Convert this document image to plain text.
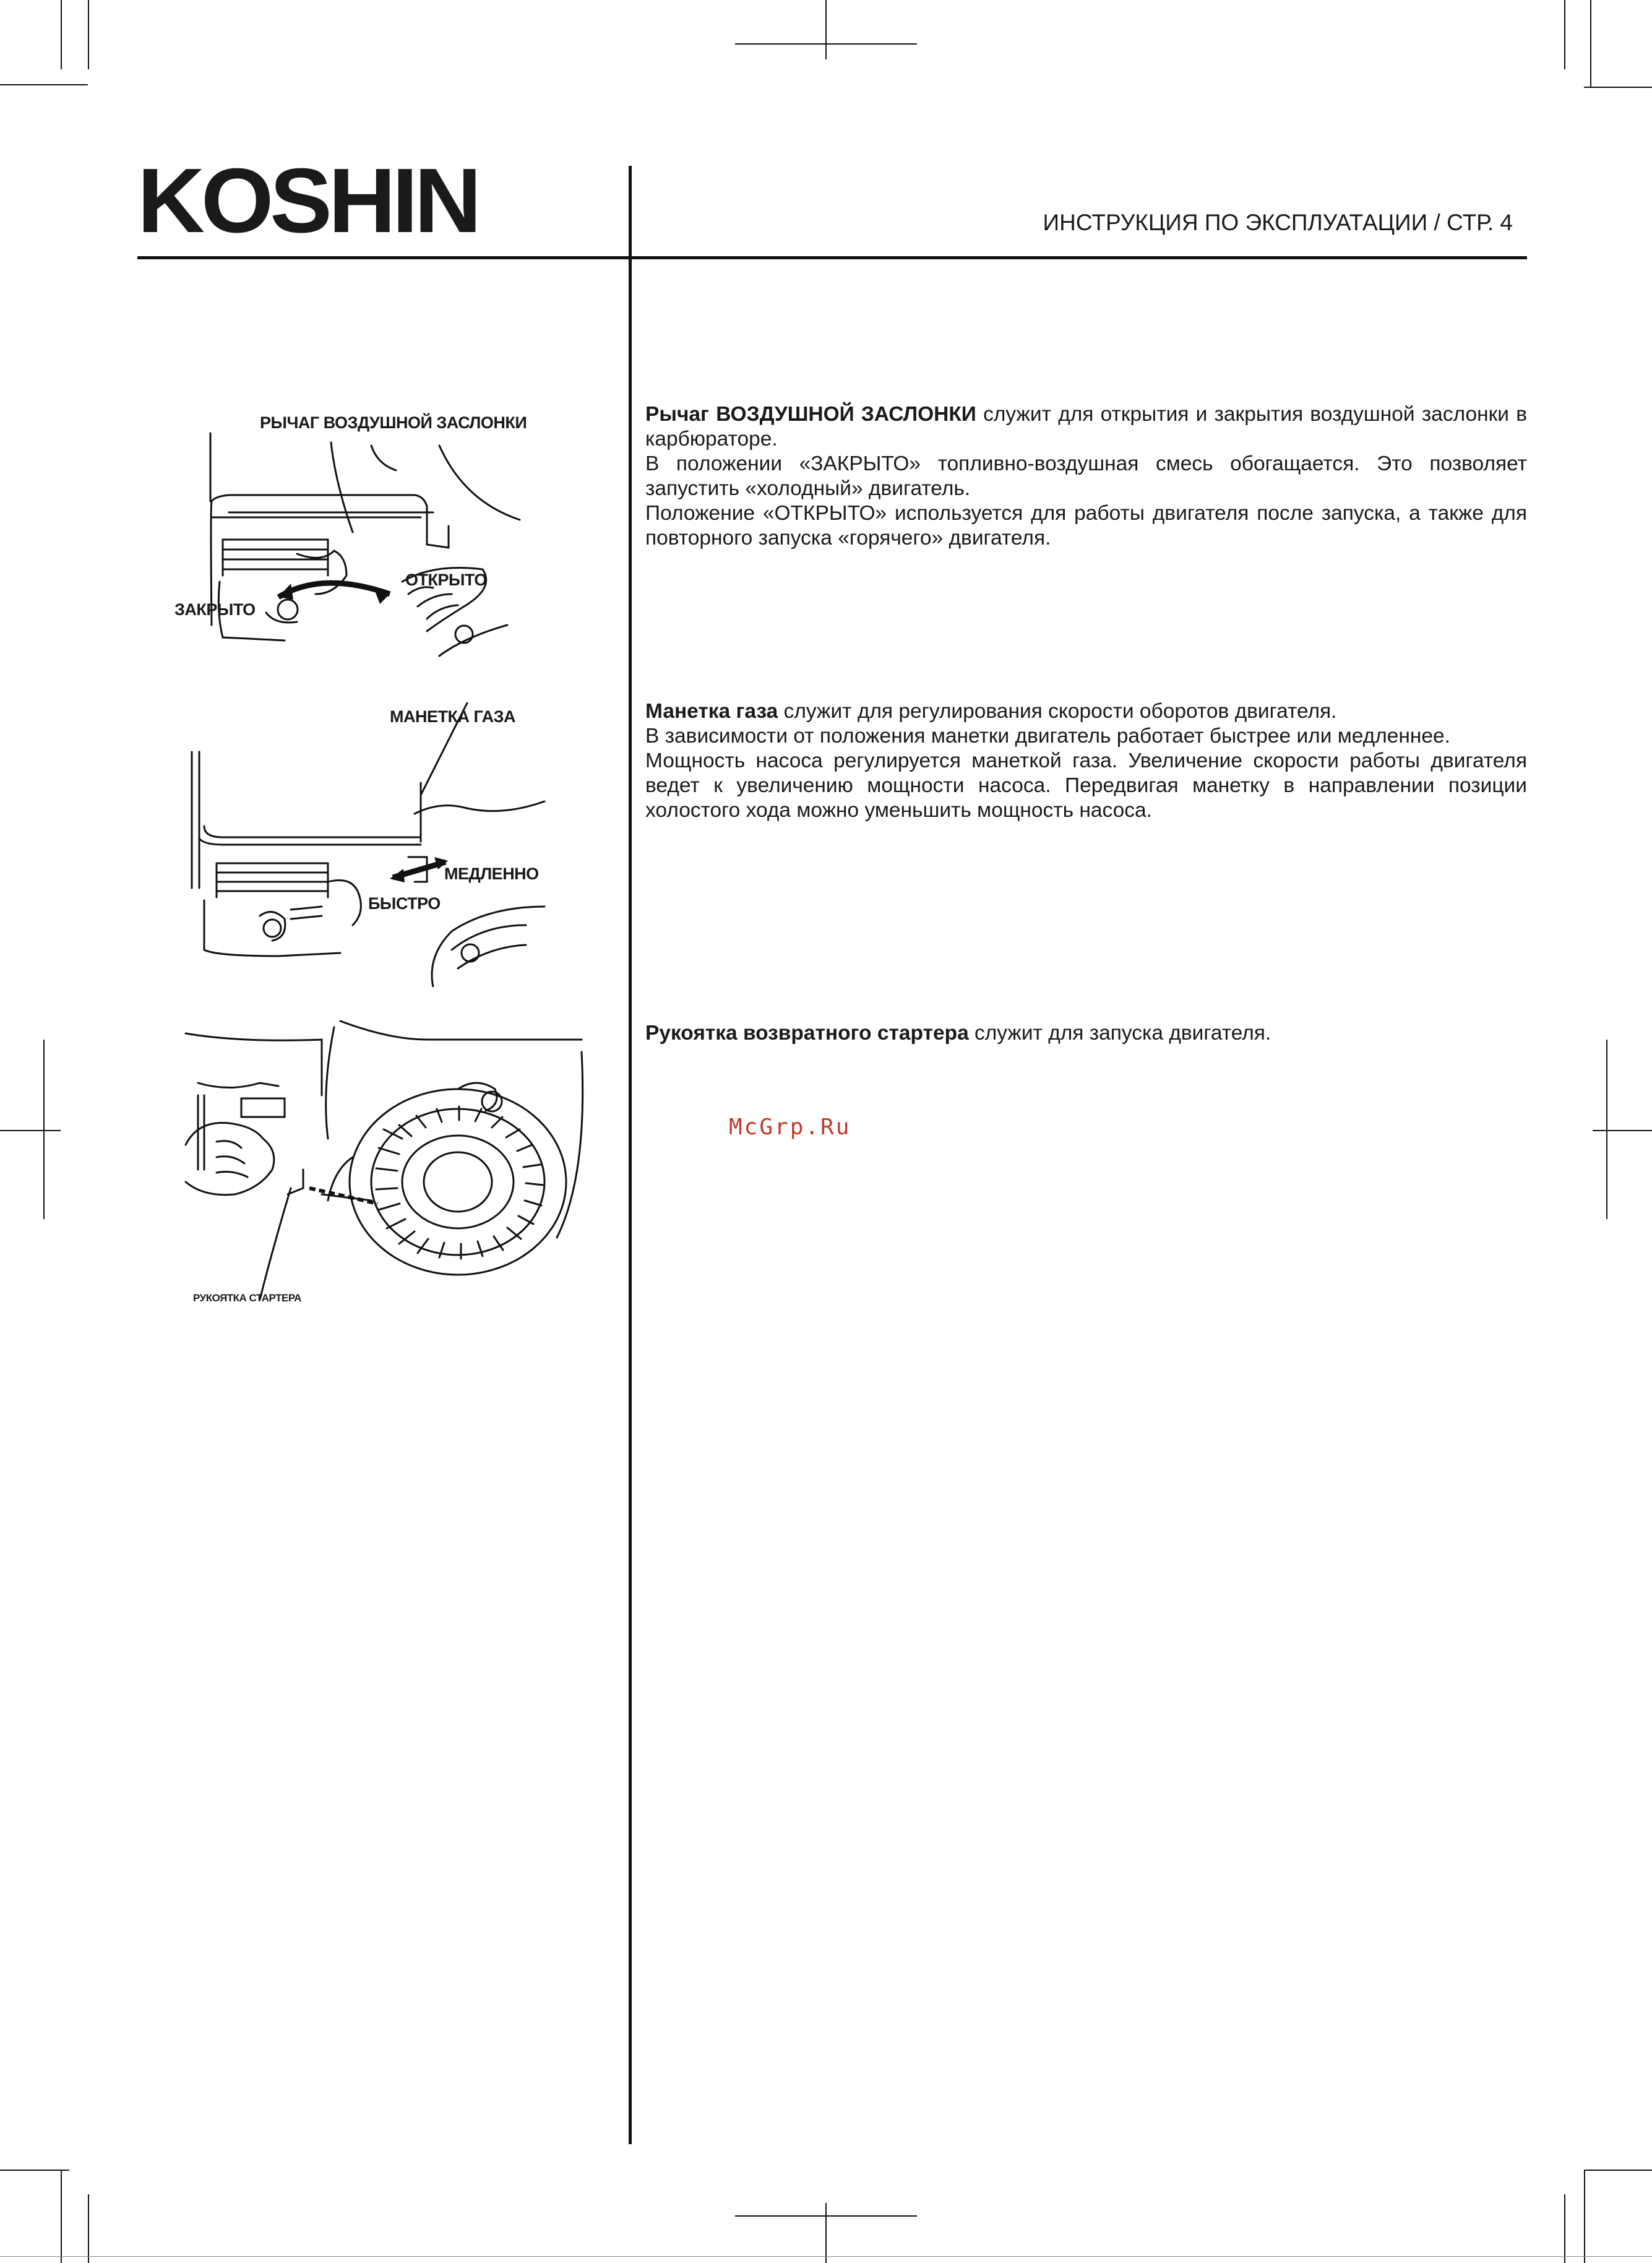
KOSHIN	ИНСТРУКЦИЯ ПО ЭКСПЛУАТАЦИИ / СТР. 4
РЫЧАГ ВОЗДУШНОЙ ЗАСЛОНКИ
ЗАКРЫТО
ОТКРЫТО

Рычаг ВОЗДУШНОЙ ЗАСЛОНКИ служит для открытия и закрытия воздушной заслонки в карбюраторе.

В положении «ЗАКРЫТО» топливно-воздушная смесь обогащается. Это позволяет запустить «холодный» двигатель.

Положение «ОТКРЫТО» используется для работы двигателя после запуска, а также для повторного запуска «горячего» двигателя.

МАНЕТКА ГАЗА
МЕДЛЕННО
БЫСТРО

Манетка газа служит для регулирования скорости оборотов двигателя.

В зависимости от положения манетки двигатель работает быстрее или медленнее.

Мощность насоса регулируется манеткой газа. Увеличение скорости работы двигателя ведет к увеличению мощности насоса. Передвигая манетку в направлении позиции холостого хода можно уменьшить мощность насоса.

РУКОЯТКА СТАРТЕРА

Рукоятка возвратного стартера служит для запуска двигателя.

McGrp.Ru
